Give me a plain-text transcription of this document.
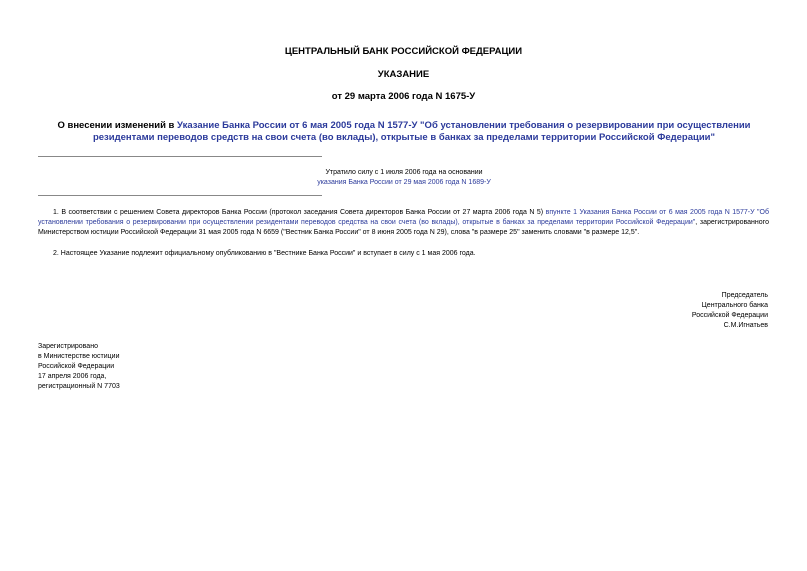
ЦЕНТРАЛЬНЫЙ БАНК РОССИЙСКОЙ ФЕДЕРАЦИИ
УКАЗАНИЕ
от 29 марта 2006 года N 1675-У
О внесении изменений в Указание Банка России от 6 мая 2005 года N 1577-У "Об установлении требования о резервировании при осуществлении резидентами переводов средств на свои счета (во вклады), открытые в банках за пределами территории Российской Федерации"
Утратило силу с 1 июля 2006 года на основании
указания Банка России от 29 мая 2006 года N 1689-У
1. В соответствии с решением Совета директоров Банка России (протокол заседания Совета директоров Банка России от 27 марта 2006 года N 5) впункте 1 Указания Банка России от 6 мая 2005 года N 1577-У "Об установлении требования о резервировании при осуществлении резидентами переводов средства на свои счета (во вклады), открытые в банках за пределами территории Российской Федерации", зарегистрированного Министерством юстиции Российской Федерации 31 мая 2005 года N 6659 ("Вестник Банка России" от 8 июня 2005 года N 29), слова "в размере 25" заменить словами "в размере 12,5".
2. Настоящее Указание подлежит официальному опубликованию в "Вестнике Банка России" и вступает в силу с 1 мая 2006 года.
Председатель
Центрального банка
Российской Федерации
С.М.Игнатьев
Зарегистрировано
в Министерстве юстиции
Российской Федерации
17 апреля 2006 года,
регистрационный N 7703
